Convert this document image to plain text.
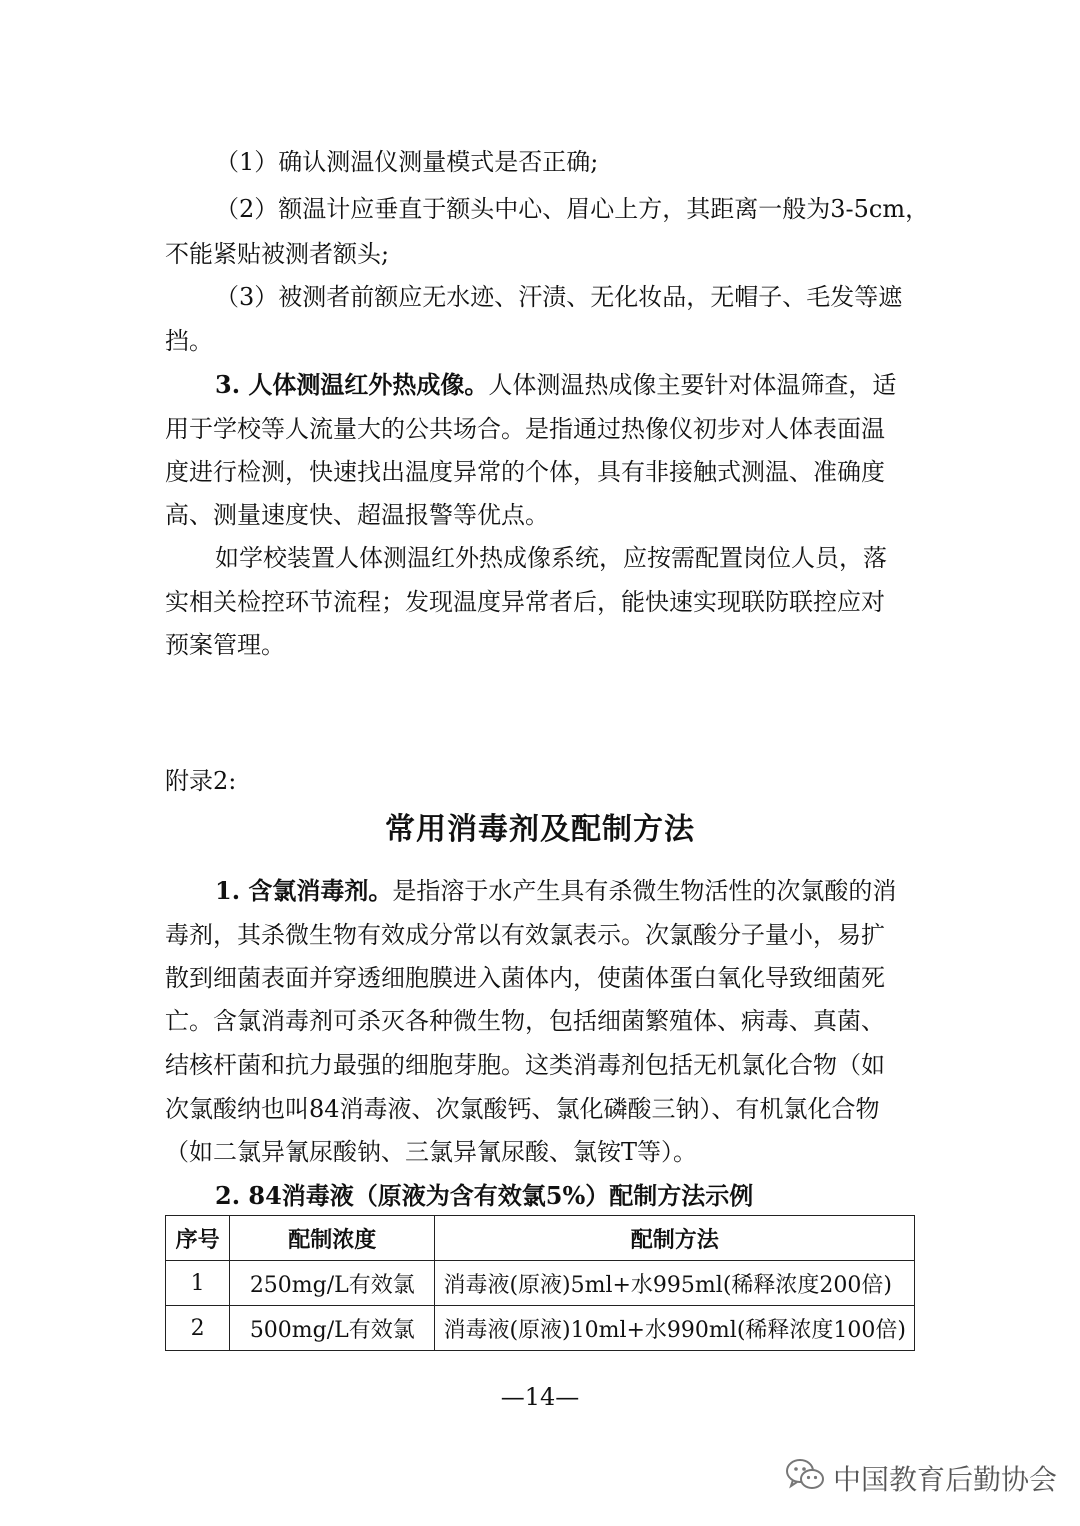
（1）确认测温仪测量模式是否正确;
（2）额温计应垂直于额头中心、眉心上方，其距离一般为3-5cm，
不能紧贴被测者额头;
（3）被测者前额应无水迹、汗渍、无化妆品，无帽子、毛发等遮
挡。
3. 人体测温红外热成像。人体测温热成像主要针对体温筛查，适
用于学校等人流量大的公共场合。是指通过热像仪初步对人体表面温
度进行检测，快速找出温度异常的个体，具有非接触式测温、准确度
高、测量速度快、超温报警等优点。
如学校装置人体测温红外热成像系统，应按需配置岗位人员，落
实相关检控环节流程；发现温度异常者后，能快速实现联防联控应对
预案管理。
附录2:
常用消毒剂及配制方法
1. 含氯消毒剂。是指溶于水产生具有杀微生物活性的次氯酸的消
毒剂，其杀微生物有效成分常以有效氯表示。次氯酸分子量小，易扩
散到细菌表面并穿透细胞膜进入菌体内，使菌体蛋白氧化导致细菌死
亡。含氯消毒剂可杀灭各种微生物，包括细菌繁殖体、病毒、真菌、
结核杆菌和抗力最强的细胞芽胞。这类消毒剂包括无机氯化合物（如
次氯酸纳也叫84消毒液、次氯酸钙、氯化磷酸三钠）、有机氯化合物
（如二氯异氰尿酸钠、三氯异氰尿酸、氯铵T等）。
2. 84消毒液（原液为含有效氯5%）配制方法示例
序号	配制浓度	配制方法
1	250mg/L有效氯	消毒液(原液)5ml+水995ml(稀释浓度200倍)
2	500mg/L有效氯	消毒液(原液)10ml+水990ml(稀释浓度100倍)
—14—
中国教育后勤协会
